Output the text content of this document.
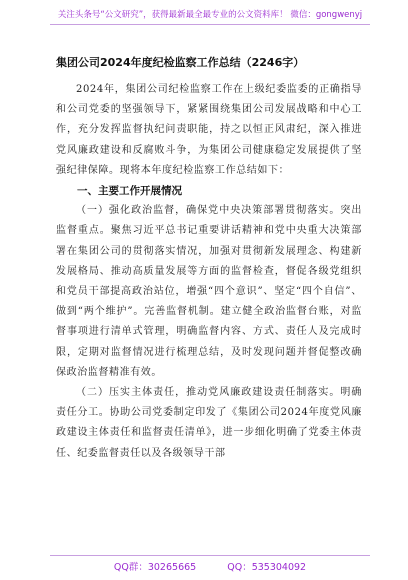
关注头条号“公文研究”，获得最新最全最专业的公文资料库！ 微信：gongwenyj
集团公司2024年度纪检监察工作总结（2246字）

2024年，集团公司纪检监察工作在上级纪委监委的正确指导和公司党委的坚强领导下，紧紧围绕集团公司发展战略和中心工作，充分发挥监督执纪问责职能，持之以恒正风肃纪，深入推进党风廉政建设和反腐败斗争，为集团公司健康稳定发展提供了坚强纪律保障。现将本年度纪检监察工作总结如下：

一、主要工作开展情况

（一）强化政治监督，确保党中央决策部署贯彻落实。突出监督重点。聚焦习近平总书记重要讲话精神和党中央重大决策部署在集团公司的贯彻落实情况，加强对贯彻新发展理念、构建新发展格局、推动高质量发展等方面的监督检查，督促各级党组织和党员干部提高政治站位，增强“四个意识”、坚定“四个自信”、做到“两个维护”。完善监督机制。建立健全政治监督台账，对监督事项进行清单式管理，明确监督内容、方式、责任人及完成时限，定期对监督情况进行梳理总结，及时发现问题并督促整改确保政治监督精准有效。

（二）压实主体责任，推动党风廉政建设责任制落实。明确责任分工。协助公司党委制定印发了《集团公司2024年度党风廉政建设主体责任和监督责任清单》，进一步细化明确了党委主体责任、纪委监督责任以及各级领导干部

QQ群：30265665	QQ：535304092
